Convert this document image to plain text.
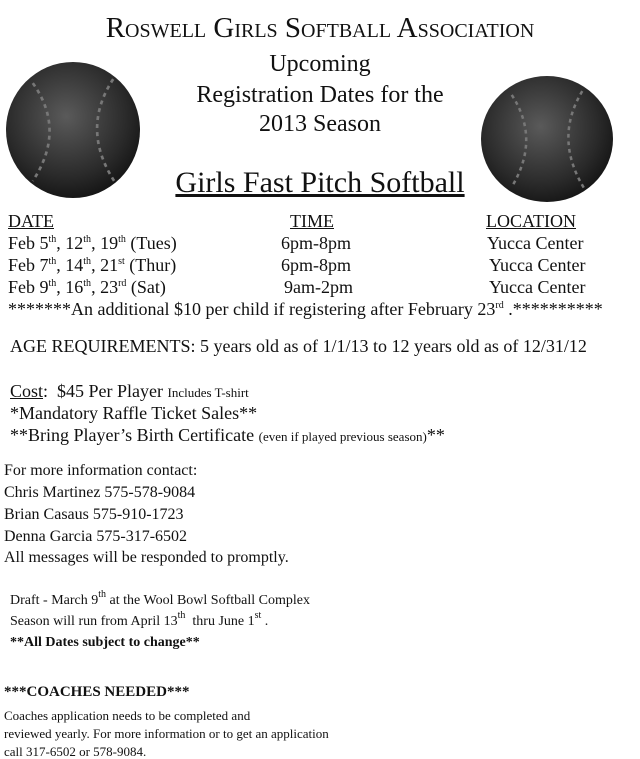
Roswell Girls Softball Association
Upcoming
Registration Dates for the
2013 Season
Girls Fast Pitch Softball
DATE	TIME	LOCATION
Feb 5th, 12th, 19th (Tues)	6pm-8pm	Yucca Center
Feb 7th, 14th, 21st (Thur)	6pm-8pm	Yucca Center
Feb 9th, 16th, 23rd (Sat)	9am-2pm	Yucca Center
*******An additional $10 per child if registering after February 23rd .**********
AGE REQUIREMENTS: 5 years old as of 1/1/13 to 12 years old as of 12/31/12
Cost:  $45 Per Player Includes T-shirt
*Mandatory Raffle Ticket Sales**
**Bring Player’s Birth Certificate (even if played previous season)**
For more information contact:
Chris Martinez 575-578-9084
Brian Casaus 575-910-1723
Denna Garcia 575-317-6502
All messages will be responded to promptly.
Draft - March 9th at the Wool Bowl Softball Complex
Season will run from April 13th  thru June 1st .
**All Dates subject to change**
***COACHES NEEDED***
Coaches application needs to be completed and
reviewed yearly. For more information or to get an application
call 317-6502 or 578-9084.
